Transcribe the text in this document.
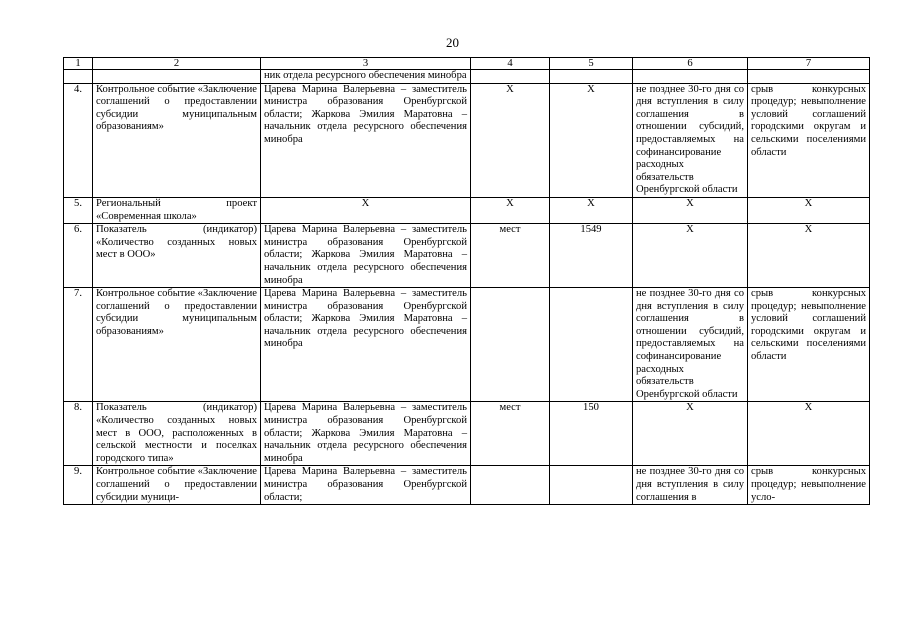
20
1	2	3	4	5	6	7
		ник отдела ресурсного обеспечения минобра				
4.	Контрольное событие «Заключение соглашений о предоставлении субсидии муниципальным образованиям»	Царева Марина Валерьевна – заместитель министра образования Оренбургской области; Жаркова Эмилия Маратовна – начальник отдела ресурсного обеспечения минобра	X	X	не позднее 30-го дня со дня вступления в силу соглашения в отношении субсидий, предоставляемых на софинансирование расходных обязательств Оренбургской области	срыв конкурсных процедур; невыполнение условий соглашений городскими округам и сельскими поселениями области
5.	Региональный проект «Современная школа»	X	X	X	X	X
6.	Показатель (индикатор) «Количество созданных новых мест в ООО»	Царева Марина Валерьевна – заместитель министра образования Оренбургской области; Жаркова Эмилия Маратовна – начальник отдела ресурсного обеспечения минобра	мест	1549	X	X
7.	Контрольное событие «Заключение соглашений о предоставлении субсидии муниципальным образованиям»	Царева Марина Валерьевна – заместитель министра образования Оренбургской области; Жаркова Эмилия Маратовна – начальник отдела ресурсного обеспечения минобра			не позднее 30-го дня со дня вступления в силу соглашения в отношении субсидий, предоставляемых на софинансирование расходных обязательств Оренбургской области	срыв конкурсных процедур; невыполнение условий соглашений городскими округам и сельскими поселениями области
8.	Показатель (индикатор) «Количество созданных новых мест в ООО, расположенных в сельской местности и поселках городского типа»	Царева Марина Валерьевна – заместитель министра образования Оренбургской области; Жаркова Эмилия Маратовна – начальник отдела ресурсного обеспечения минобра	мест	150	X	X
9.	Контрольное событие «Заключение соглашений о предоставлении субсидии муници-	Царева Марина Валерьевна – заместитель министра образования Оренбургской области;			не позднее 30-го дня со дня вступления в силу соглашения в	срыв конкурсных процедур; невыполнение усло-
